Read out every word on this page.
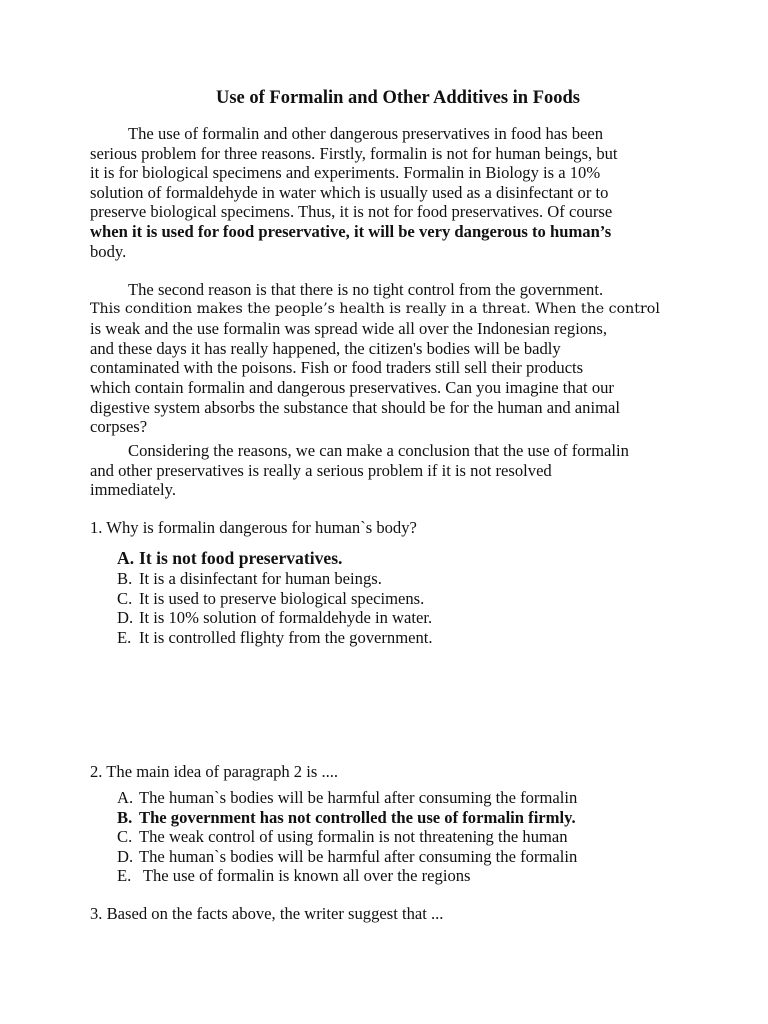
Use of Formalin and Other Additives in Foods
The use of formalin and other dangerous preservatives in food has been
serious problem for three reasons. Firstly, formalin is not for human beings, but
it is for biological specimens and experiments. Formalin in Biology is a 10%
solution of formaldehyde in water which is usually used as a disinfectant or to
preserve biological specimens. Thus, it is not for food preservatives. Of course
when it is used for food preservative, it will be very dangerous to human’s
body.
The second reason is that there is no tight control from the government.
This condition makes the people’s health is really in a threat. When the control
is weak and the use formalin was spread wide all over the Indonesian regions,
and these days it has really happened, the citizen's bodies will be badly
contaminated with the poisons. Fish or food traders still sell their products
which contain formalin and dangerous preservatives. Can you imagine that our
digestive system absorbs the substance that should be for the human and animal
corpses?
Considering the reasons, we can make a conclusion that the use of formalin
and other preservatives is really a serious problem if it is not resolved
immediately.
1. Why is formalin dangerous for human`s body?
A. It is not food preservatives.
B. It is a disinfectant for human beings.
C. It is used to preserve biological specimens.
D. It is 10% solution of formaldehyde in water.
E. It is controlled flighty from the government.
2. The main idea of paragraph 2 is ....
A. The human`s bodies will be harmful after consuming the formalin
B. The government has not controlled the use of formalin firmly.
C. The weak control of using formalin is not threatening the human
D. The human`s bodies will be harmful after consuming the formalin
E. The use of formalin is known all over the regions
3. Based on the facts above, the writer suggest that ...
